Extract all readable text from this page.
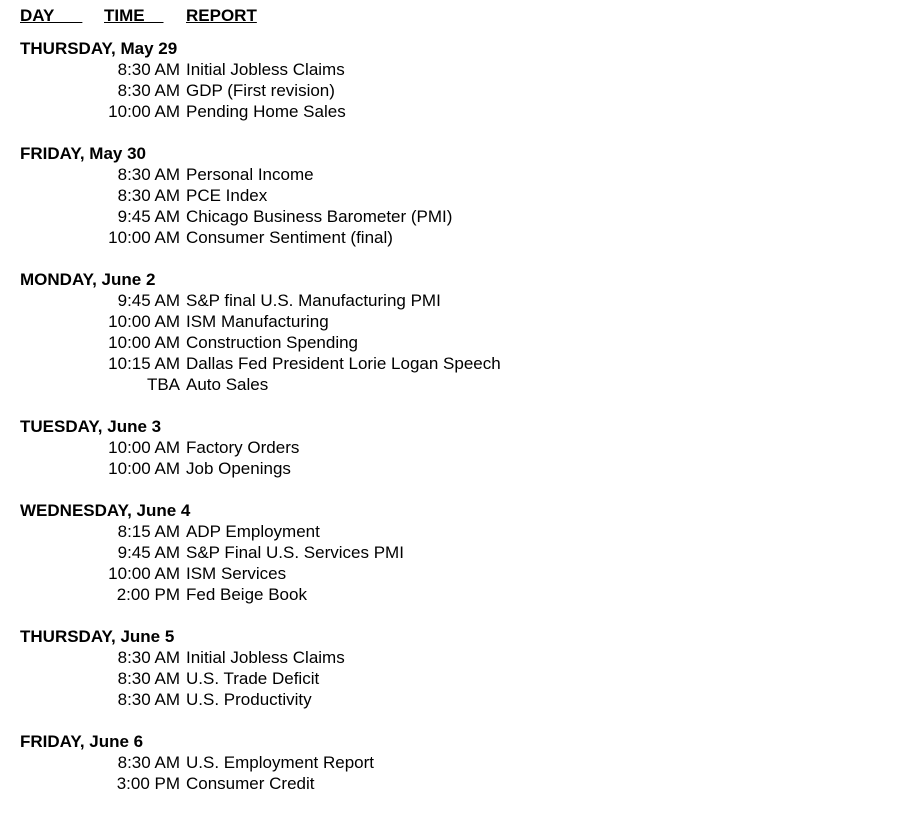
DAY TIME REPORT
THURSDAY, May 29
8:30 AM Initial Jobless Claims
8:30 AM GDP (First revision)
10:00 AM Pending Home Sales
FRIDAY, May 30
8:30 AM Personal Income
8:30 AM PCE Index
9:45 AM Chicago Business Barometer (PMI)
10:00 AM Consumer Sentiment (final)
MONDAY, June 2
9:45 AM S&P final U.S. Manufacturing PMI
10:00 AM ISM Manufacturing
10:00 AM Construction Spending
10:15 AM Dallas Fed President Lorie Logan Speech
TBA Auto Sales
TUESDAY, June 3
10:00 AM Factory Orders
10:00 AM Job Openings
WEDNESDAY, June 4
8:15 AM ADP Employment
9:45 AM S&P Final U.S. Services PMI
10:00 AM ISM Services
2:00 PM Fed Beige Book
THURSDAY, June 5
8:30 AM Initial Jobless Claims
8:30 AM U.S. Trade Deficit
8:30 AM U.S. Productivity
FRIDAY, June 6
8:30 AM U.S. Employment Report
3:00 PM Consumer Credit
